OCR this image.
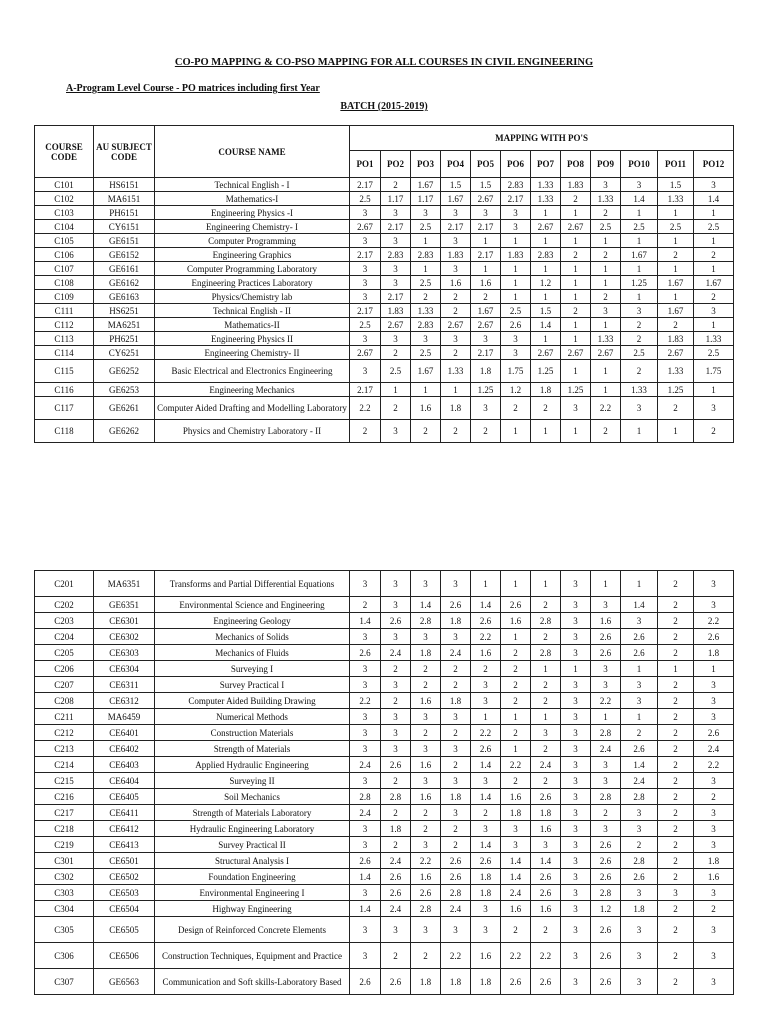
CO-PO MAPPING & CO-PSO MAPPING FOR ALL COURSES IN CIVIL ENGINEERING
A-Program Level Course - PO matrices including first Year
BATCH (2015-2019)
COURSE CODE	AU SUBJECT CODE	COURSE NAME	MAPPING WITH PO'S											
			PO1	PO2	PO3	PO4	PO5	PO6	PO7	PO8	PO9	PO10	PO11	PO12
C101	HS6151	Technical English - I	2.17	2	1.67	1.5	1.5	2.83	1.33	1.83	3	3	1.5	3
C102	MA6151	Mathematics-I	2.5	1.17	1.17	1.67	2.67	2.17	1.33	2	1.33	1.4	1.33	1.4
C103	PH6151	Engineering Physics -I	3	3	3	3	3	3	1	1	2	1	1	1
C104	CY6151	Engineering Chemistry- I	2.67	2.17	2.5	2.17	2.17	3	2.67	2.67	2.5	2.5	2.5	2.5
C105	GE6151	Computer Programming	3	3	1	3	1	1	1	1	1	1	1	1
C106	GE6152	Engineering Graphics	2.17	2.83	2.83	1.83	2.17	1.83	2.83	2	2	1.67	2	2
C107	GE6161	Computer Programming Laboratory	3	3	1	3	1	1	1	1	1	1	1	1
C108	GE6162	Engineering Practices Laboratory	3	3	2.5	1.6	1.6	1	1.2	1	1	1.25	1.67	1.67
C109	GE6163	Physics/Chemistry lab	3	2.17	2	2	2	1	1	1	2	1	1	2
C111	HS6251	Technical English - II	2.17	1.83	1.33	2	1.67	2.5	1.5	2	3	3	1.67	3
C112	MA6251	Mathematics-II	2.5	2.67	2.83	2.67	2.67	2.6	1.4	1	1	2	2	1
C113	PH6251	Engineering Physics II	3	3	3	3	3	3	1	1	1.33	2	1.83	1.33
C114	CY6251	Engineering Chemistry- II	2.67	2	2.5	2	2.17	3	2.67	2.67	2.67	2.5	2.67	2.5
C115	GE6252	Basic Electrical and Electronics Engineering	3	2.5	1.67	1.33	1.8	1.75	1.25	1	1	2	1.33	1.75
C116	GE6253	Engineering Mechanics	2.17	1	1	1	1.25	1.2	1.8	1.25	1	1.33	1.25	1
C117	GE6261	Computer Aided Drafting and Modelling Laboratory	2.2	2	1.6	1.8	3	2	2	3	2.2	3	2	3
C118	GE6262	Physics and Chemistry Laboratory - II	2	3	2	2	2	1	1	1	2	1	1	2
C201	MA6351	Transforms and Partial Differential Equations	3	3	3	3	1	1	1	3	1	1	2	3
C202	GE6351	Environmental Science and Engineering	2	3	1.4	2.6	1.4	2.6	2	3	3	1.4	2	3
C203	CE6301	Engineering Geology	1.4	2.6	2.8	1.8	2.6	1.6	2.8	3	1.6	3	2	2.2
C204	CE6302	Mechanics of Solids	3	3	3	3	2.2	1	2	3	2.6	2.6	2	2.6
C205	CE6303	Mechanics of Fluids	2.6	2.4	1.8	2.4	1.6	2	2.8	3	2.6	2.6	2	1.8
C206	CE6304	Surveying I	3	2	2	2	2	2	1	1	3	1	1	1
C207	CE6311	Survey Practical I	3	3	2	2	3	2	2	3	3	3	2	3
C208	CE6312	Computer Aided Building Drawing	2.2	2	1.6	1.8	3	2	2	3	2.2	3	2	3
C211	MA6459	Numerical Methods	3	3	3	3	1	1	1	3	1	1	2	3
C212	CE6401	Construction Materials	3	3	2	2	2.2	2	3	3	2.8	2	2	2.6
C213	CE6402	Strength of Materials	3	3	3	3	2.6	1	2	3	2.4	2.6	2	2.4
C214	CE6403	Applied Hydraulic Engineering	2.4	2.6	1.6	2	1.4	2.2	2.4	3	3	1.4	2	2.2
C215	CE6404	Surveying II	3	2	3	3	3	2	2	3	3	2.4	2	3
C216	CE6405	Soil Mechanics	2.8	2.8	1.6	1.8	1.4	1.6	2.6	3	2.8	2.8	2	2
C217	CE6411	Strength of Materials Laboratory	2.4	2	2	3	2	1.8	1.8	3	2	3	2	3
C218	CE6412	Hydraulic Engineering Laboratory	3	1.8	2	2	3	3	1.6	3	3	3	2	3
C219	CE6413	Survey Practical II	3	2	3	2	1.4	3	3	3	2.6	2	2	3
C301	CE6501	Structural Analysis I	2.6	2.4	2.2	2.6	2.6	1.4	1.4	3	2.6	2.8	2	1.8
C302	CE6502	Foundation Engineering	1.4	2.6	1.6	2.6	1.8	1.4	2.6	3	2.6	2.6	2	1.6
C303	CE6503	Environmental Engineering I	3	2.6	2.6	2.8	1.8	2.4	2.6	3	2.8	3	3	3
C304	CE6504	Highway Engineering	1.4	2.4	2.8	2.4	3	1.6	1.6	3	1.2	1.8	2	2
C305	CE6505	Design of Reinforced Concrete Elements	3	3	3	3	3	2	2	3	2.6	3	2	3
C306	CE6506	Construction Techniques, Equipment and Practice	3	2	2	2.2	1.6	2.2	2.2	3	2.6	3	2	3
C307	GE6563	Communication and Soft skills-Laboratory Based	2.6	2.6	1.8	1.8	1.8	2.6	2.6	3	2.6	3	2	3
